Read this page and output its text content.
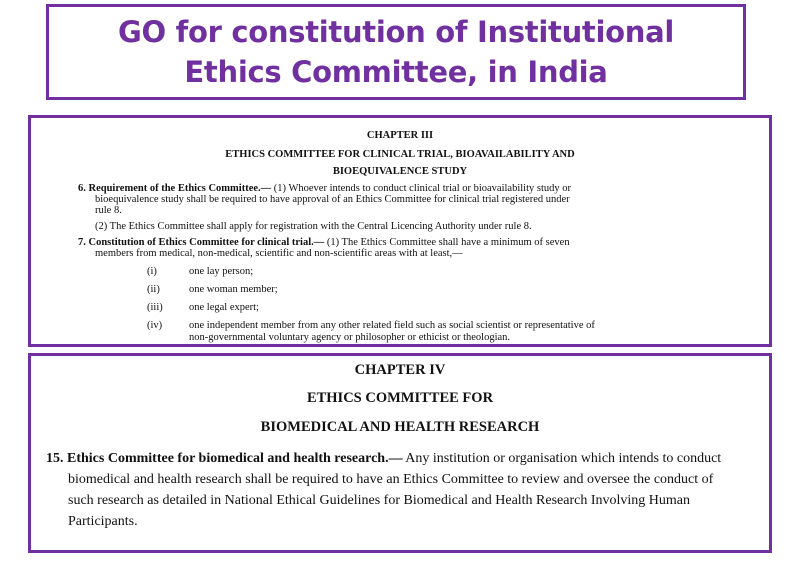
GO for constitution of Institutional
Ethics Committee, in India
CHAPTER III
ETHICS COMMITTEE FOR CLINICAL TRIAL, BIOAVAILABILITY AND
BIOEQUIVALENCE STUDY
6. Requirement of the Ethics Committee.— (1) Whoever intends to conduct clinical trial or bioavailability study or
bioequivalence study shall be required to have approval of an Ethics Committee for clinical trial registered under
rule 8.
(2) The Ethics Committee shall apply for registration with the Central Licencing Authority under rule 8.
7. Constitution of Ethics Committee for clinical trial.— (1) The Ethics Committee shall have a minimum of seven
members from medical, non-medical, scientific and non-scientific areas with at least,—
(i)	one lay person;
(ii)	one woman member;
(iii)	one legal expert;
(iv)	one independent member from any other related field such as social scientist or representative of
non-governmental voluntary agency or philosopher or ethicist or theologian.
CHAPTER IV
ETHICS COMMITTEE FOR
BIOMEDICAL AND HEALTH RESEARCH
15. Ethics Committee for biomedical and health research.— Any institution or organisation which intends to conduct
biomedical and health research shall be required to have an Ethics Committee to review and oversee the conduct of
such research as detailed in National Ethical Guidelines for Biomedical and Health Research Involving Human
Participants.
